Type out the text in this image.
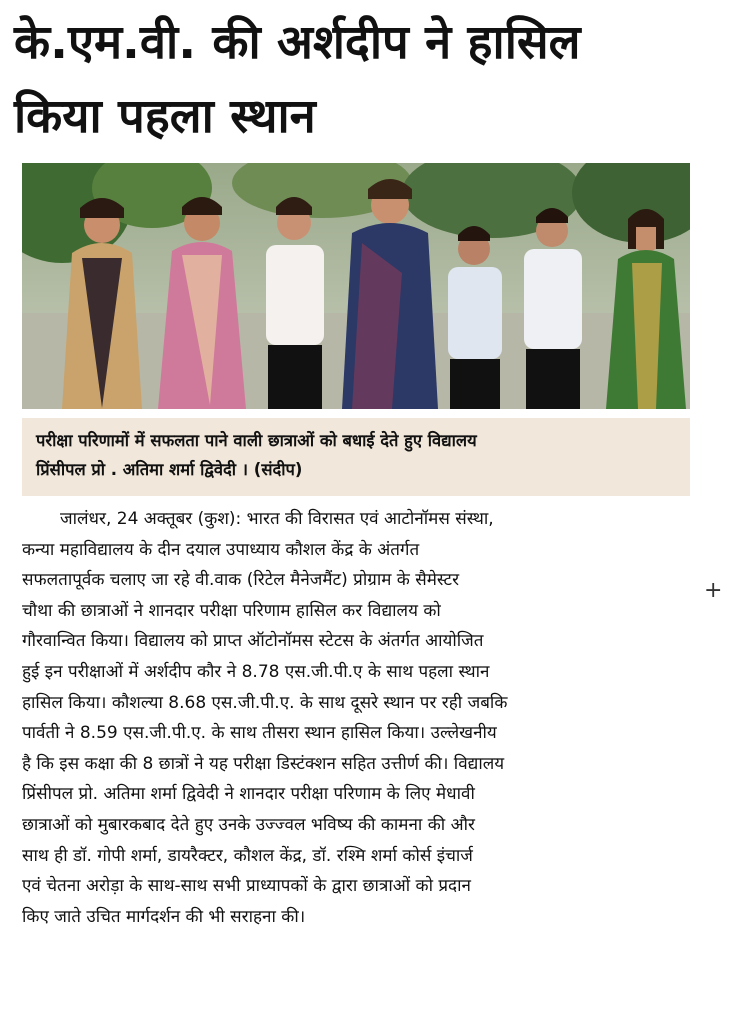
के.एम.वी. की अर्शदीप ने हासिल
किया पहला स्थान

परीक्षा परिणामों में सफलता पाने वाली छात्राओं को बधाई देते हुए विद्यालय
प्रिंसीपल प्रो . अतिमा शर्मा द्विवेदी । (संदीप)

जालंधर, 24 अक्तूबर (कुश): भारत की विरासत एवं आटोनॉमस संस्था,
कन्या महाविद्यालय के दीन दयाल उपाध्याय कौशल केंद्र के अंतर्गत
सफलतापूर्वक चलाए जा रहे वी.वाक (रिटेल मैनेजमैंट) प्रोग्राम के सैमेस्टर
चौथा की छात्राओं ने शानदार परीक्षा परिणाम हासिल कर विद्यालय को
गौरवान्वित किया। विद्यालय को प्राप्त ऑटोनॉमस स्टेटस के अंतर्गत आयोजित
हुई इन परीक्षाओं में अर्शदीप कौर ने 8.78 एस.जी.पी.ए के साथ पहला स्थान
हासिल किया। कौशल्या 8.68 एस.जी.पी.ए. के साथ दूसरे स्थान पर रही जबकि
पार्वती ने 8.59 एस.जी.पी.ए. के साथ तीसरा स्थान हासिल किया। उल्लेखनीय
है कि इस कक्षा की 8 छात्रों ने यह परीक्षा डिस्टंक्शन सहित उत्तीर्ण की। विद्यालय
प्रिंसीपल प्रो. अतिमा शर्मा द्विवेदी ने शानदार परीक्षा परिणाम के लिए मेधावी
छात्राओं को मुबारकबाद देते हुए उनके उज्ज्वल भविष्य की कामना की और
साथ ही डॉ. गोपी शर्मा, डायरैक्टर, कौशल केंद्र, डॉ. रश्मि शर्मा कोर्स इंचार्ज
एवं चेतना अरोड़ा के साथ-साथ सभी प्राध्यापकों के द्वारा छात्राओं को प्रदान
किए जाते उचित मार्गदर्शन की भी सराहना की।

+
